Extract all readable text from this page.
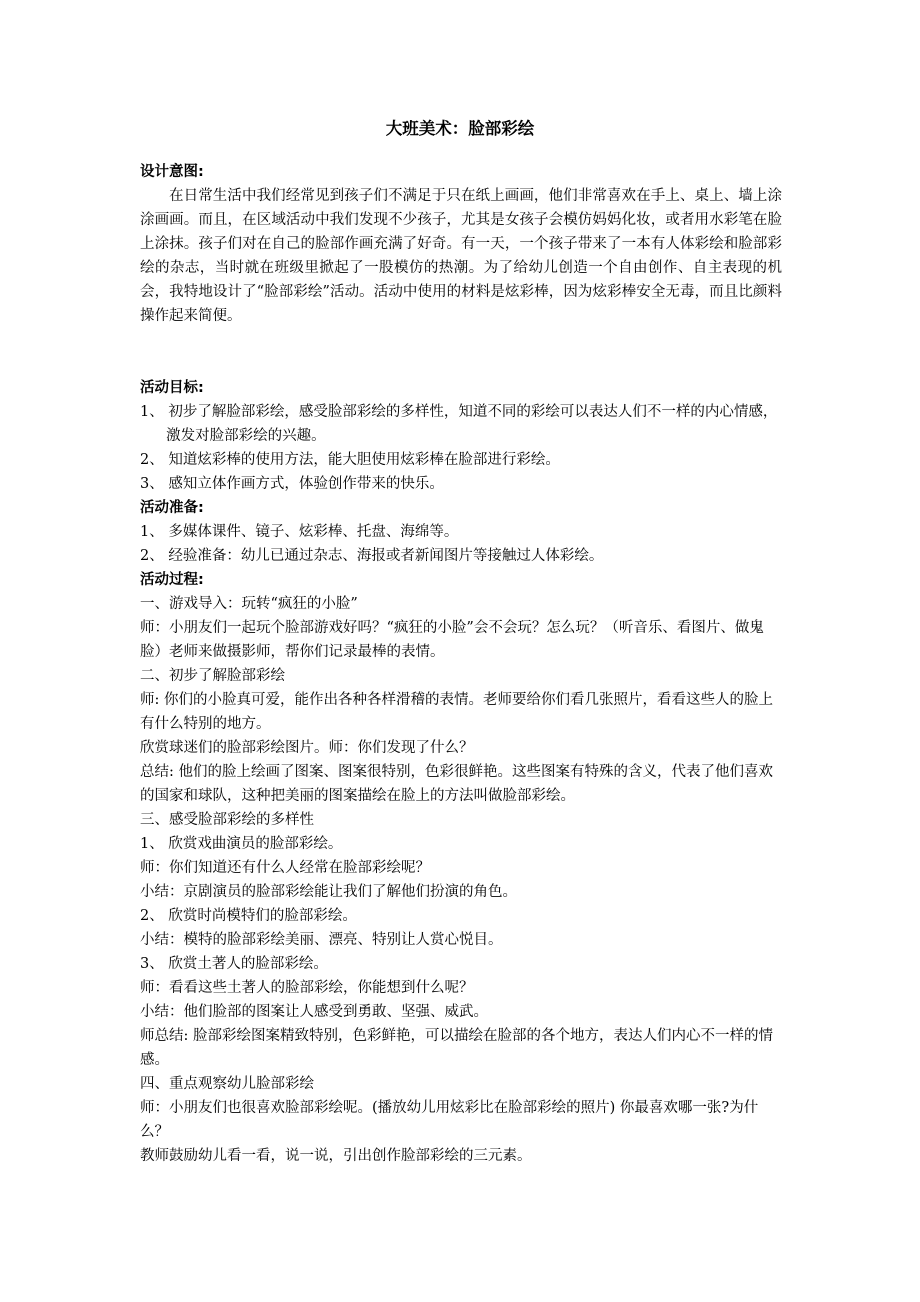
大班美术：脸部彩绘
设计意图:

在日常生活中我们经常见到孩子们不满足于只在纸上画画，他们非常喜欢在手上、桌上、墙上涂涂画画。而且，在区域活动中我们发现不少孩子，尤其是女孩子会模仿妈妈化妆，或者用水彩笔在脸上涂抹。孩子们对在自己的脸部作画充满了好奇。有一天，一个孩子带来了一本有人体彩绘和脸部彩绘的杂志，当时就在班级里掀起了一股模仿的热潮。为了给幼儿创造一个自由创作、自主表现的机会，我特地设计了“脸部彩绘”活动。活动中使用的材料是炫彩棒，因为炫彩棒安全无毒，而且比颜料操作起来简便。

活动目标:

1、 初步了解脸部彩绘，感受脸部彩绘的多样性，知道不同的彩绘可以表达人们不一样的内心情感，激发对脸部彩绘的兴趣。

2、 知道炫彩棒的使用方法，能大胆使用炫彩棒在脸部进行彩绘。

3、 感知立体作画方式，体验创作带来的快乐。

活动准备:

1、 多媒体课件、镜子、炫彩棒、托盘、海绵等。

2、 经验准备：幼儿已通过杂志、海报或者新闻图片等接触过人体彩绘。

活动过程:

一、游戏导入：玩转“疯狂的小脸”

师：小朋友们一起玩个脸部游戏好吗？“疯狂的小脸”会不会玩？怎么玩？（听音乐、看图片、做鬼脸）老师来做摄影师，帮你们记录最棒的表情。

二、初步了解脸部彩绘

师: 你们的小脸真可爱，能作出各种各样滑稽的表情。老师要给你们看几张照片，看看这些人的脸上有什么特别的地方。

欣赏球迷们的脸部彩绘图片。师：你们发现了什么？

总结: 他们的脸上绘画了图案、图案很特别，色彩很鲜艳。这些图案有特殊的含义，代表了他们喜欢的国家和球队，这种把美丽的图案描绘在脸上的方法叫做脸部彩绘。

三、感受脸部彩绘的多样性

1、 欣赏戏曲演员的脸部彩绘。

师：你们知道还有什么人经常在脸部彩绘呢？

小结：京剧演员的脸部彩绘能让我们了解他们扮演的角色。

2、 欣赏时尚模特们的脸部彩绘。

小结：模特的脸部彩绘美丽、漂亮、特别让人赏心悦目。

3、 欣赏土著人的脸部彩绘。

师：看看这些土著人的脸部彩绘，你能想到什么呢？

小结：他们脸部的图案让人感受到勇敢、坚强、威武。

师总结: 脸部彩绘图案精致特别，色彩鲜艳，可以描绘在脸部的各个地方，表达人们内心不一样的情感。

四、重点观察幼儿脸部彩绘

师：小朋友们也很喜欢脸部彩绘呢。(播放幼儿用炫彩比在脸部彩绘的照片) 你最喜欢哪一张?为什么？

教师鼓励幼儿看一看，说一说，引出创作脸部彩绘的三元素。
